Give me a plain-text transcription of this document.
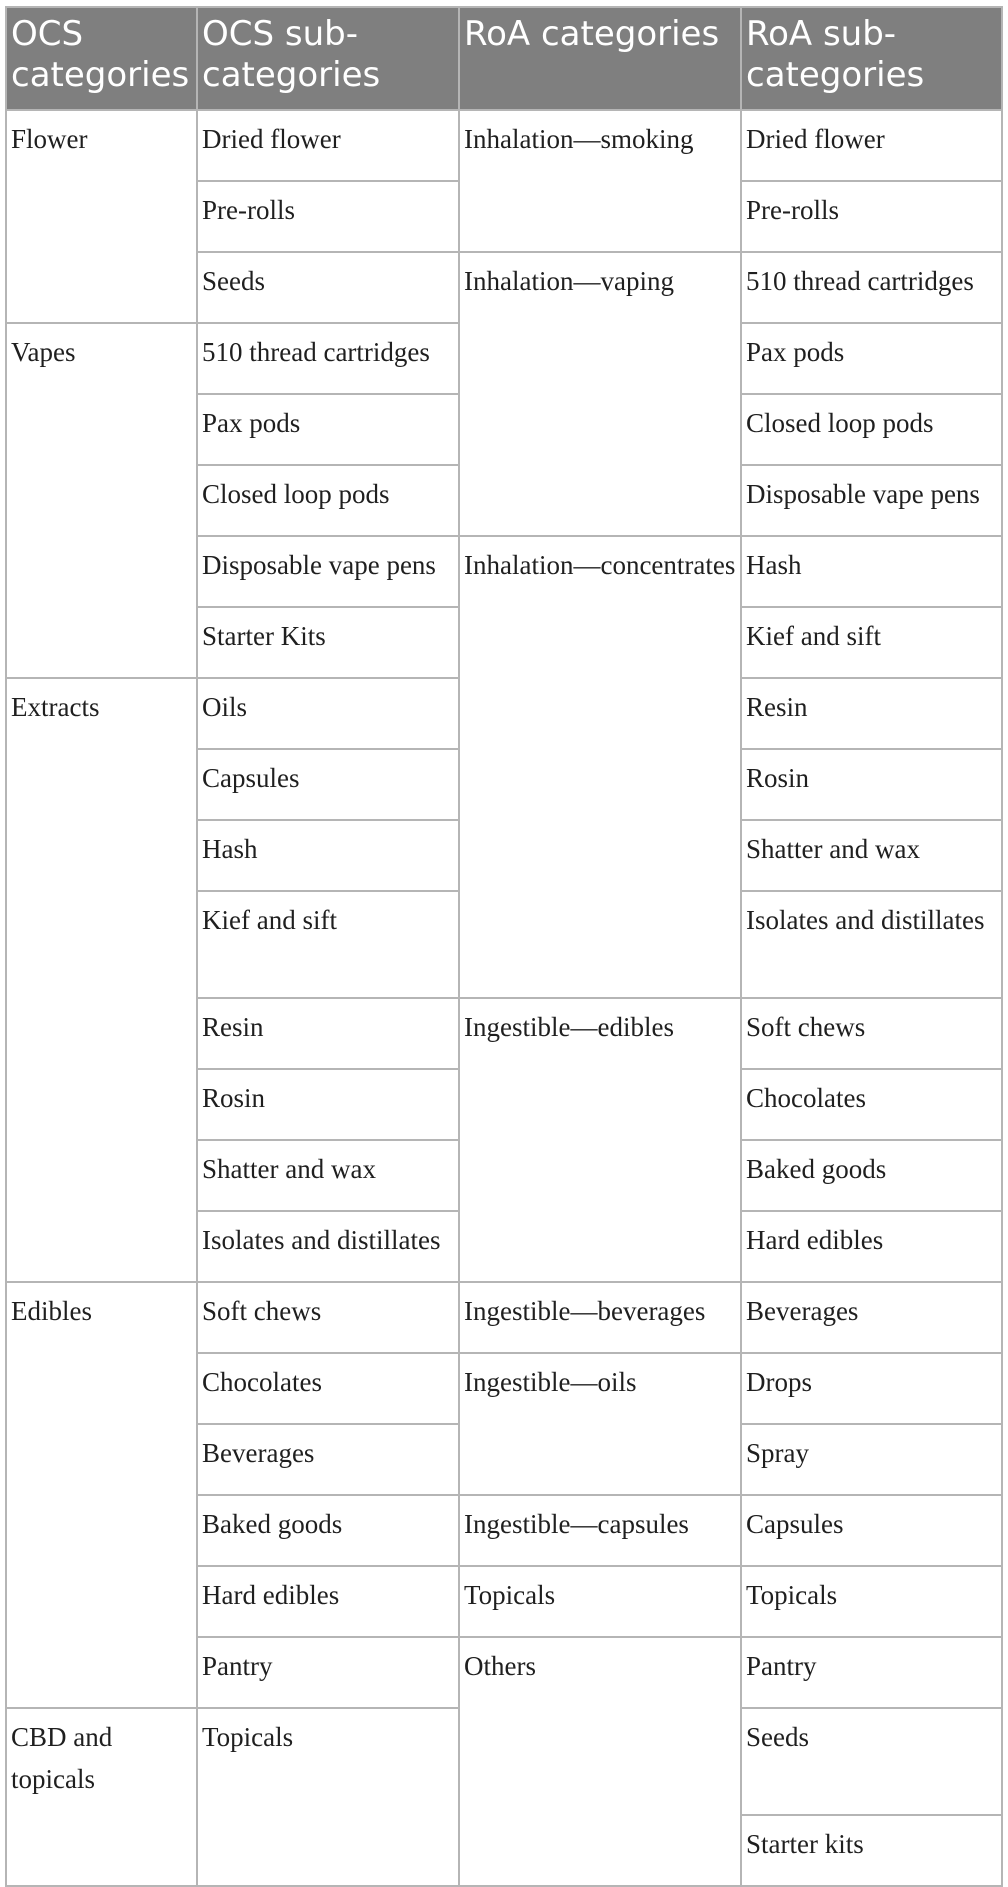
OCS categories	OCS sub-categories	RoA categories	RoA sub-categories
Flower	Dried flower	Inhalation—smoking	Dried flower
	Pre-rolls		Pre-rolls
	Seeds	Inhalation—vaping	510 thread cartridges
Vapes	510 thread cartridges		Pax pods
	Pax pods		Closed loop pods
	Closed loop pods		Disposable vape pens
	Disposable vape pens	Inhalation—concentrates	Hash
	Starter Kits		Kief and sift
Extracts	Oils		Resin
	Capsules		Rosin
	Hash		Shatter and wax
	Kief and sift		Isolates and distillates
	Resin	Ingestible—edibles	Soft chews
	Rosin		Chocolates
	Shatter and wax		Baked goods
	Isolates and distillates		Hard edibles
Edibles	Soft chews	Ingestible—beverages	Beverages
	Chocolates	Ingestible—oils	Drops
	Beverages		Spray
	Baked goods	Ingestible—capsules	Capsules
	Hard edibles	Topicals	Topicals
	Pantry	Others	Pantry
CBD and topicals	Topicals		Seeds
			Starter kits
